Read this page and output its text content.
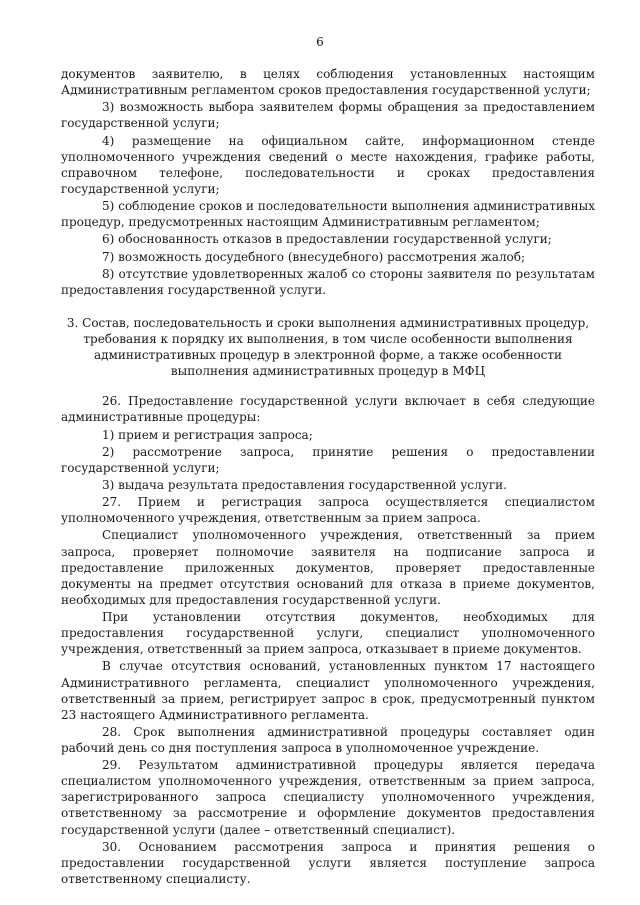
6

документов заявителю, в целях соблюдения установленных настоящим Административным регламентом сроков предоставления государственной услуги;

3) возможность выбора заявителем формы обращения за предоставлением государственной услуги;

4) размещение на официальном сайте, информационном стенде уполномоченного учреждения сведений о месте нахождения, графике работы, справочном телефоне, последовательности и сроках предоставления государственной услуги;

5) соблюдение сроков и последовательности выполнения административных процедур, предусмотренных настоящим Административным регламентом;

6) обоснованность отказов в предоставлении государственной услуги;

7) возможность досудебного (внесудебного) рассмотрения жалоб;

8) отсутствие удовлетворенных жалоб со стороны заявителя по результатам предоставления государственной услуги.

3. Состав, последовательность и сроки выполнения административных процедур, требования к порядку их выполнения, в том числе особенности выполнения административных процедур в электронной форме, а также особенности выполнения административных процедур в МФЦ

26. Предоставление государственной услуги включает в себя следующие административные процедуры:

1) прием и регистрация запроса;

2) рассмотрение запроса, принятие решения о предоставлении государственной услуги;

3) выдача результата предоставления государственной услуги.

27. Прием и регистрация запроса осуществляется специалистом уполномоченного учреждения, ответственным за прием запроса.

Специалист уполномоченного учреждения, ответственный за прием запроса, проверяет полномочие заявителя на подписание запроса и предоставление приложенных документов, проверяет предоставленные документы на предмет отсутствия оснований для отказа в приеме документов, необходимых для предоставления государственной услуги.

При установлении отсутствия документов, необходимых для предоставления государственной услуги, специалист уполномоченного учреждения, ответственный за прием запроса, отказывает в приеме документов.

В случае отсутствия оснований, установленных пунктом 17 настоящего Административного регламента, специалист уполномоченного учреждения, ответственный за прием, регистрирует запрос в срок, предусмотренный пунктом 23 настоящего Административного регламента.

28. Срок выполнения административной процедуры составляет один рабочий день со дня поступления запроса в уполномоченное учреждение.

29. Результатом административной процедуры является передача специалистом уполномоченного учреждения, ответственным за прием запроса, зарегистрированного запроса специалисту уполномоченного учреждения, ответственному за рассмотрение и оформление документов предоставления государственной услуги (далее – ответственный специалист).

30. Основанием рассмотрения запроса и принятия решения о предоставлении государственной услуги является поступление запроса ответственному специалисту.
